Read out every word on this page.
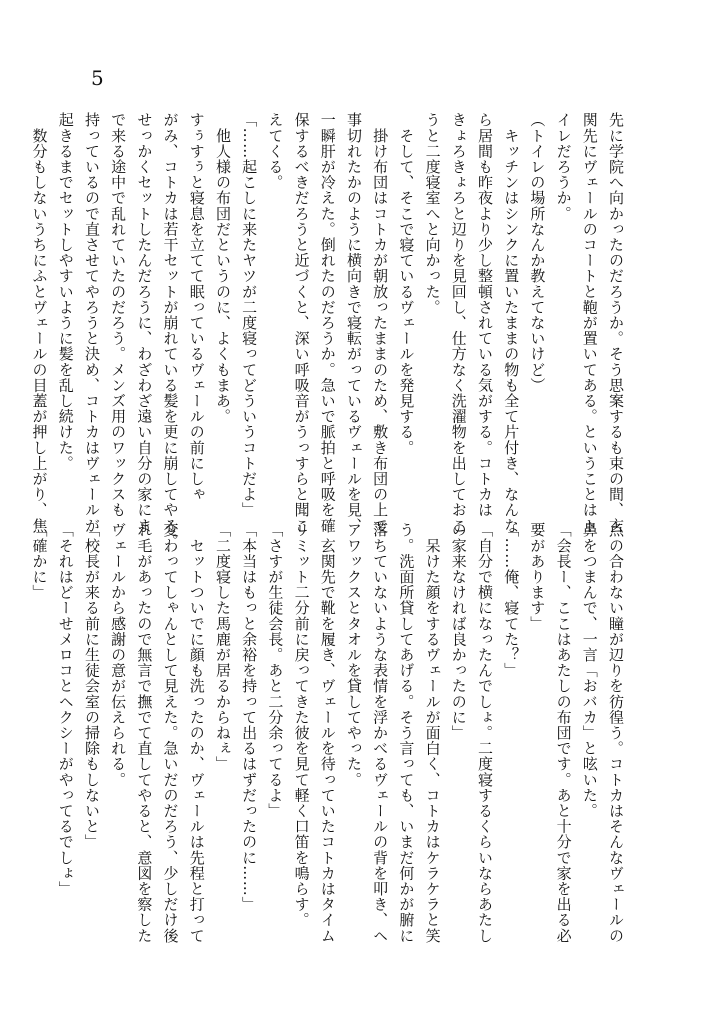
5
先に学院へ向かったのだろうか。そう思案するも束の間、玄
関先にヴェールのコートと鞄が置いてある。ということはト
イレだろうか。
（トイレの場所なんか教えてないけど）
　キッチンはシンクに置いたままの物も全て片付き、なんな
ら居間も昨夜より少し整頓されている気がする。コトカは
きょろきょろと辺りを見回し、仕方なく洗濯物を出しておこ
うと二度寝室へと向かった。
　そして、そこで寝ているヴェールを発見する。
　掛け布団はコトカが朝放ったままのため、敷き布団の上で
事切れたかのように横向きで寝転がっているヴェールを見、
一瞬肝が冷えた。倒れたのだろうか。急いで脈拍と呼吸を確
保するべきだろうと近づくと、深い呼吸音がうっすらと聞こ
えてくる。
「……起こしに来たヤツが二度寝ってどういうコトだよ」
　他人様の布団だというのに、よくもまあ。
すぅすぅと寝息を立てて眠っているヴェールの前にしゃ
がみ、コトカは若干セットが崩れている髪を更に崩してやる。
せっかくセットしたんだろうに、わざわざ遠い自分の家にま
で来る途中で乱れていたのだろう。メンズ用のワックスも
持っているので直させてやろうと決め、コトカはヴェールが
起きるまでセットしやすいように髪を乱し続けた。
　数分もしないうちにふとヴェールの目蓋が押し上がり、焦
点の合わない瞳が辺りを彷徨う。コトカはそんなヴェールの
鼻をつまんで、一言「おバカ」と呟いた。
「会長ー、ここはあたしの布団です。あと十分で家を出る必
要があります」
「……俺、寝てた？」
「自分で横になったんでしょ。二度寝するくらいならあたし
の家来なければ良かったのに」
　呆けた顔をするヴェールが面白く、コトカはケラケラと笑
う。洗面所貸してあげる。そう言っても、いまだ何かが腑に
落ちていないような表情を浮かべるヴェールの背を叩き、ヘ
アワックスとタオルを貸してやった。
　玄関先で靴を履き、ヴェールを待っていたコトカはタイム
リミット二分前に戻ってきた彼を見て軽く口笛を鳴らす。
「さすが生徒会長。あと二分余ってるよ」
「本当はもっと余裕を持って出るはずだったのに……」
「二度寝した馬鹿が居るからねぇ」
　セットついでに顔も洗ったのか、ヴェールは先程と打って
変わってしゃんとして見えた。急いだのだろう、少しだけ後
れ毛があったので無言で撫でて直してやると、意図を察した
ヴェールから感謝の意が伝えられる。
「校長が来る前に生徒会室の掃除もしないと」
「それはどーせメロコとヘクシーがやってるでしょ」
「確かに」
